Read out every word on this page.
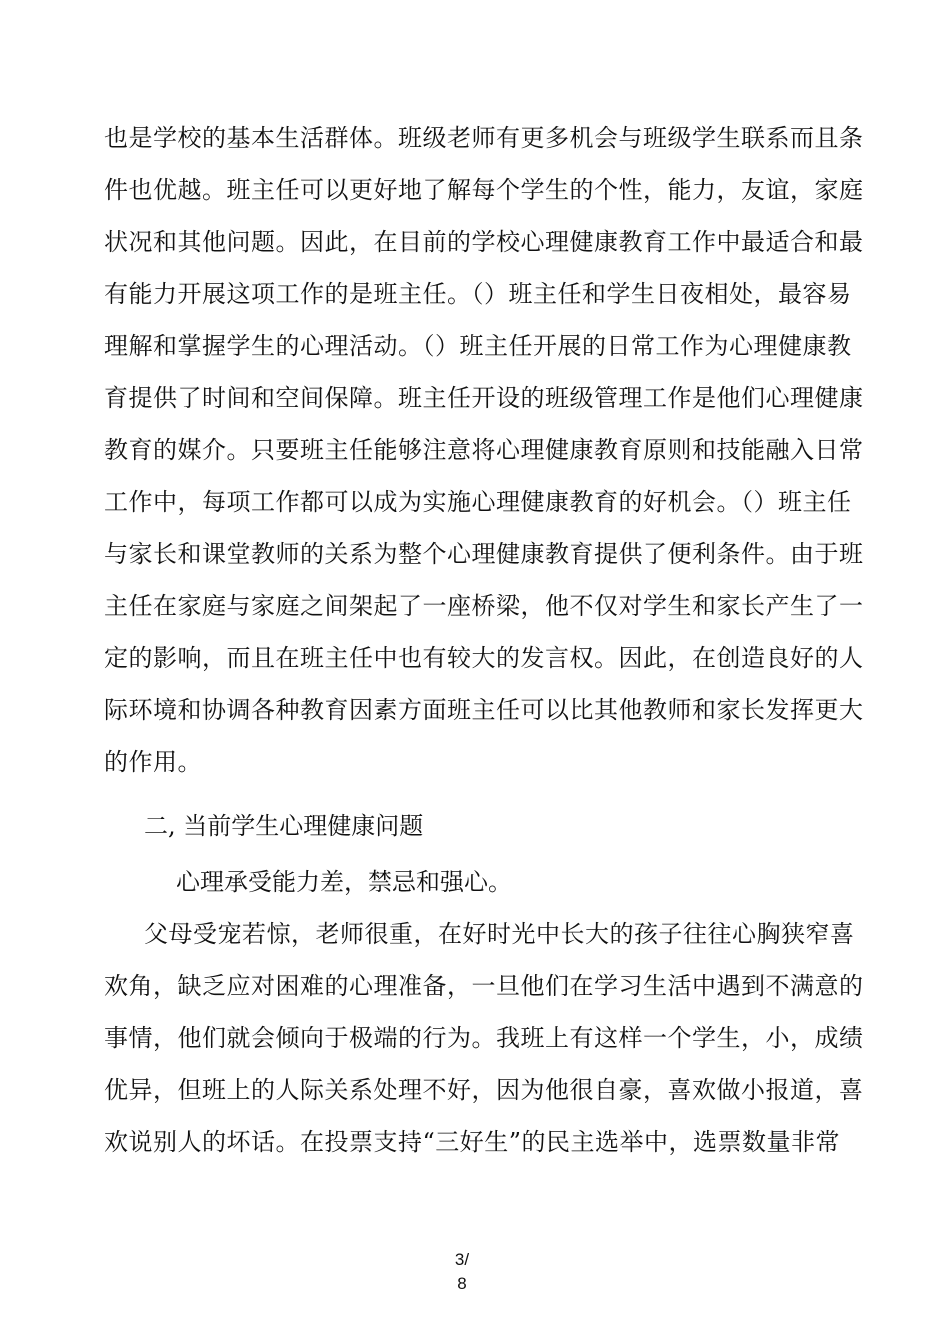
也是学校的基本生活群体。班级老师有更多机会与班级学生联系而且条
件也优越。班主任可以更好地了解每个学生的个性，能力，友谊，家庭
状况和其他问题。因此，在目前的学校心理健康教育工作中最适合和最
有能力开展这项工作的是班主任。（）班主任和学生日夜相处，最容易
理解和掌握学生的心理活动。（）班主任开展的日常工作为心理健康教
育提供了时间和空间保障。班主任开设的班级管理工作是他们心理健康
教育的媒介。只要班主任能够注意将心理健康教育原则和技能融入日常
工作中，每项工作都可以成为实施心理健康教育的好机会。（）班主任
与家长和课堂教师的关系为整个心理健康教育提供了便利条件。由于班
主任在家庭与家庭之间架起了一座桥梁，他不仅对学生和家长产生了一
定的影响，而且在班主任中也有较大的发言权。因此，在创造良好的人
际环境和协调各种教育因素方面班主任可以比其他教师和家长发挥更大
的作用。
二, 当前学生心理健康问题
心理承受能力差，禁忌和强心。
父母受宠若惊，老师很重，在好时光中长大的孩子往往心胸狭窄喜
欢角，缺乏应对困难的心理准备，一旦他们在学习生活中遇到不满意的
事情，他们就会倾向于极端的行为。我班上有这样一个学生，小，成绩
优异，但班上的人际关系处理不好，因为他很自豪，喜欢做小报道，喜
欢说别人的坏话。在投票支持“三好生”的民主选举中，选票数量非常
3/
8
